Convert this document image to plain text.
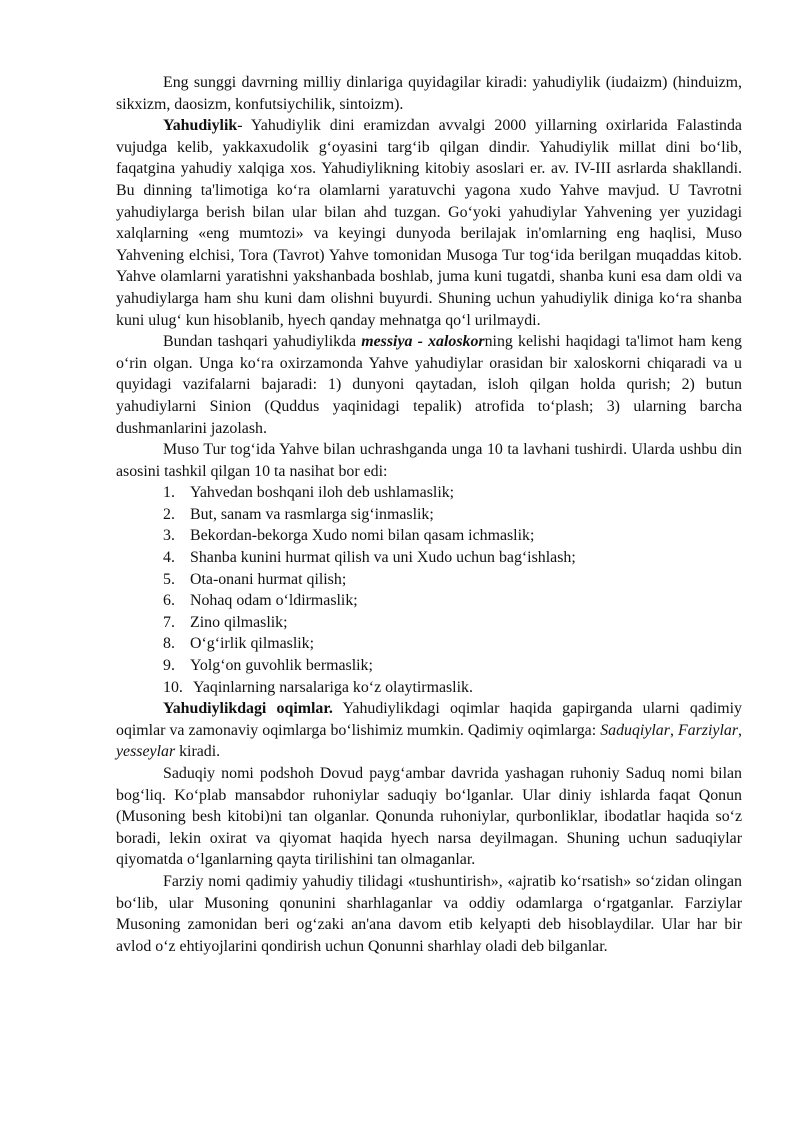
Eng sunggi davrning milliy dinlariga quyidagilar kiradi: yahudiylik (iudaizm) (hinduizm, sikxizm, daosizm, konfutsiychilik, sintoizm).

Yahudiylik- Yahudiylik dini eramizdan avvalgi 2000 yillarning oxirlarida Falastinda vujudga kelib, yakkaxudolik g‘oyasini targ‘ib qilgan dindir. Yahudiylik millat dini bo‘lib, faqatgina yahudiy xalqiga xos. Yahudiylikning kitobiy asoslari er. av. IV-III asrlarda shakllandi. Bu dinning ta'limotiga ko‘ra olamlarni yaratuvchi yagona xudo Yahve mavjud. U Tavrotni yahudiylarga berish bilan ular bilan ahd tuzgan. Go‘yoki yahudiylar Yahvening yer yuzidagi xalqlarning «eng mumtozi» va keyingi dunyoda berilajak in'omlarning eng haqlisi, Muso Yahvening elchisi, Tora (Tavrot) Yahve tomonidan Musoga Tur tog‘ida berilgan muqaddas kitob. Yahve olamlarni yaratishni yakshanbada boshlab, juma kuni tugatdi, shanba kuni esa dam oldi va yahudiylarga ham shu kuni dam olishni buyurdi. Shuning uchun yahudiylik diniga ko‘ra shanba kuni ulug‘ kun hisoblanib, hyech qanday mehnatga qo‘l urilmaydi.

Bundan tashqari yahudiylikda messiya - xaloskorning kelishi haqidagi ta'limot ham keng o‘rin olgan. Unga ko‘ra oxirzamonda Yahve yahudiylar orasidan bir xaloskorni chiqaradi va u quyidagi vazifalarni bajaradi: 1) dunyoni qaytadan, isloh qilgan holda qurish; 2) butun yahudiylarni Sinion (Quddus yaqinidagi tepalik) atrofida to‘plash; 3) ularning barcha dushmanlarini jazolash.

Muso Tur tog‘ida Yahve bilan uchrashganda unga 10 ta lavhani tushirdi. Ularda ushbu din asosini tashkil qilgan 10 ta nasihat bor edi:

1. Yahvedan boshqani iloh deb ushlamaslik;
2. But, sanam va rasmlarga sig‘inmaslik;
3. Bekordan-bekorga Xudo nomi bilan qasam ichmaslik;
4. Shanba kunini hurmat qilish va uni Xudo uchun bag‘ishlash;
5. Ota-onani hurmat qilish;
6. Nohaq odam o‘ldirmaslik;
7. Zino qilmaslik;
8. O‘g‘irlik qilmaslik;
9. Yolg‘on guvohlik bermaslik;
10. Yaqinlarning narsalariga ko‘z olaytirmaslik.

Yahudiylikdagi oqimlar. Yahudiylikdagi oqimlar haqida gapirganda ularni qadimiy oqimlar va zamonaviy oqimlarga bo‘lishimiz mumkin. Qadimiy oqimlarga: Saduqiylar, Farziylar, yesseylar kiradi.

Saduqiy nomi podshoh Dovud payg‘ambar davrida yashagan ruhoniy Saduq nomi bilan bog‘liq. Ko‘plab mansabdor ruhoniylar saduqiy bo‘lganlar. Ular diniy ishlarda faqat Qonun (Musoning besh kitobi)ni tan olganlar. Qonunda ruhoniylar, qurbonliklar, ibodatlar haqida so‘z boradi, lekin oxirat va qiyomat haqida hyech narsa deyilmagan. Shuning uchun saduqiylar qiyomatda o‘lganlarning qayta tirilishini tan olmaganlar.

Farziy nomi qadimiy yahudiy tilidagi «tushuntirish», «ajratib ko‘rsatish» so‘zidan olingan bo‘lib, ular Musoning qonunini sharhlaganlar va oddiy odamlarga o‘rgatganlar. Farziylar Musoning zamonidan beri og‘zaki an'ana davom etib kelyapti deb hisoblaydilar. Ular har bir avlod o‘z ehtiyojlarini qondirish uchun Qonunni sharhlay oladi deb bilganlar.
